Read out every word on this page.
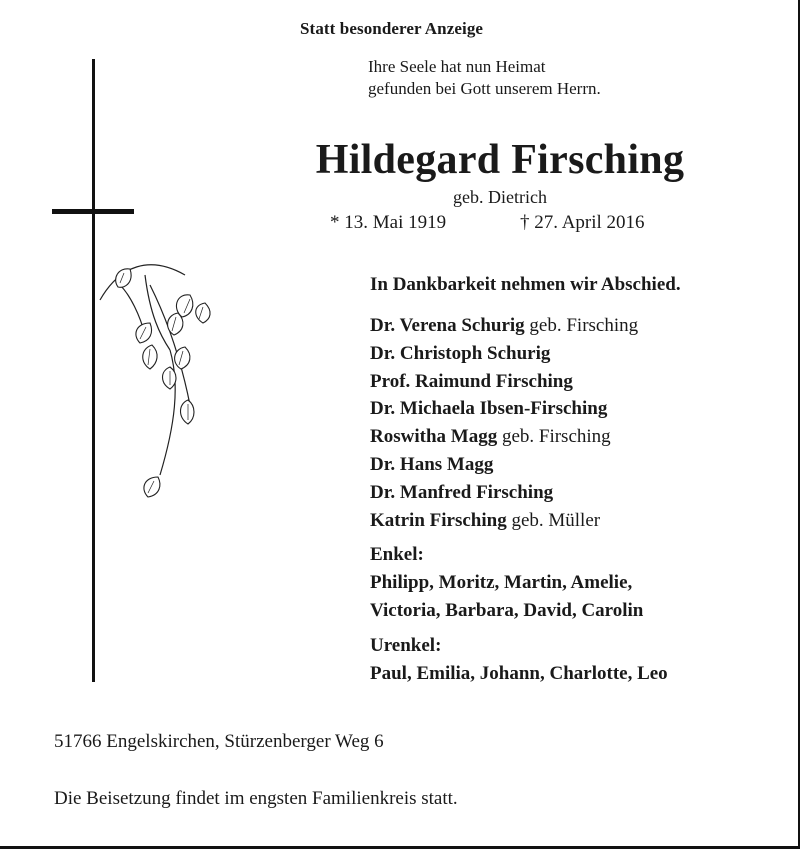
Statt besonderer Anzeige
Ihre Seele hat nun Heimat
gefunden bei Gott unserem Herrn.
Hildegard Firsching
geb. Dietrich
* 13. Mai 1919	† 27. April 2016
In Dankbarkeit nehmen wir Abschied.
Dr. Verena Schurig geb. Firsching
Dr. Christoph Schurig
Prof. Raimund Firsching
Dr. Michaela Ibsen-Firsching
Roswitha Magg geb. Firsching
Dr. Hans Magg
Dr. Manfred Firsching
Katrin Firsching geb. Müller
Enkel:
Philipp, Moritz, Martin, Amelie,
Victoria, Barbara, David, Carolin
Urenkel:
Paul, Emilia, Johann, Charlotte, Leo
51766 Engelskirchen, Stürzenberger Weg 6
Die Beisetzung findet im engsten Familienkreis statt.
